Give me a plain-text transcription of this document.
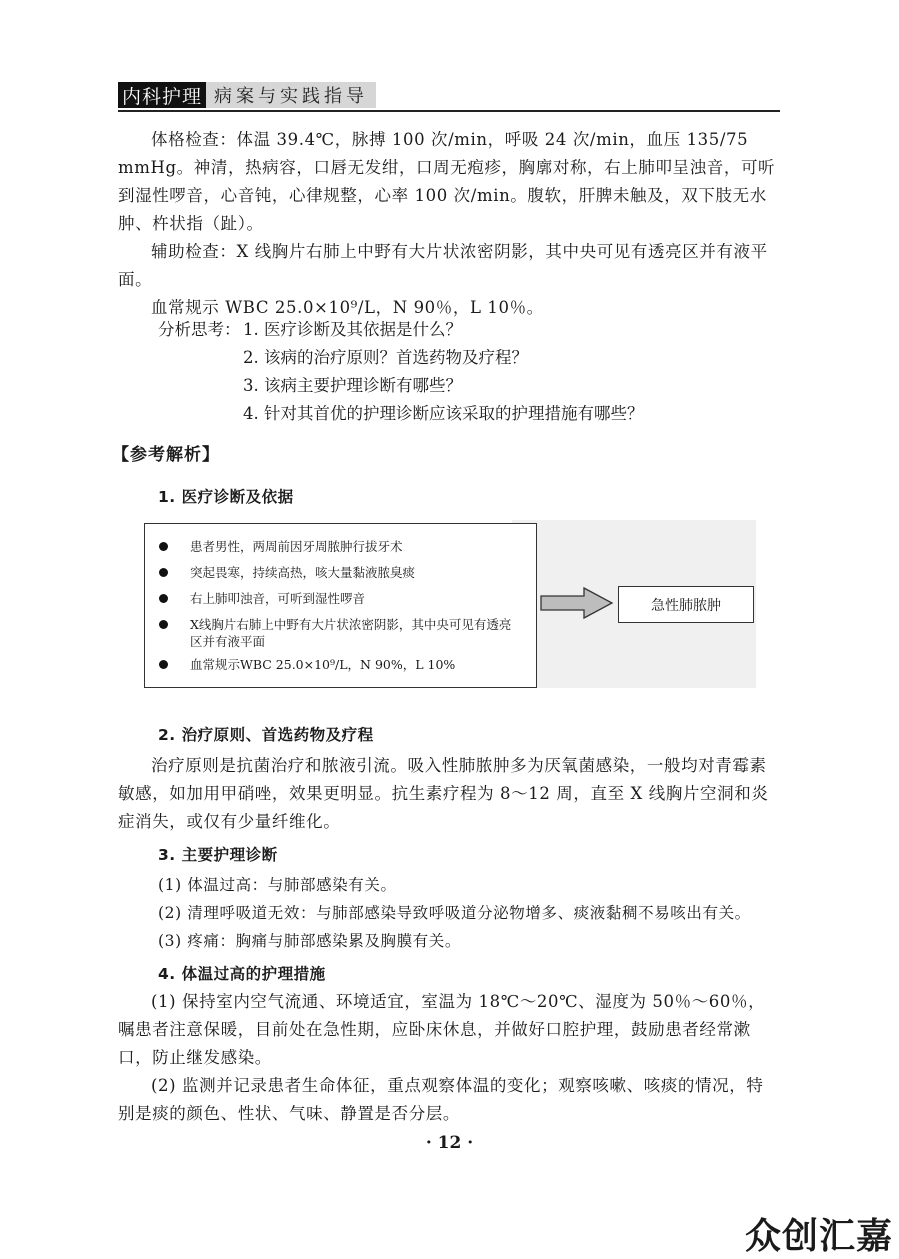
内科护理 病案与实践指导
体格检查：体温 39.4℃，脉搏 100 次/min，呼吸 24 次/min，血压 135/75 mmHg。神清，热病容，口唇无发绀，口周无疱疹，胸廓对称，右上肺叩呈浊音，可听到湿性啰音，心音钝，心律规整，心率 100 次/min。腹软，肝脾未触及，双下肢无水肿、杵状指（趾）。
辅助检查：X 线胸片右肺上中野有大片状浓密阴影，其中央可见有透亮区并有液平面。
血常规示 WBC 25.0×10⁹/L，N 90％，L 10％。
分析思考： 1. 医疗诊断及其依据是什么？
2. 该病的治疗原则？首选药物及疗程？
3. 该病主要护理诊断有哪些？
4. 针对其首优的护理诊断应该采取的护理措施有哪些？
【参考解析】
1. 医疗诊断及依据
患者男性，两周前因牙周脓肿行拔牙术
突起畏寒，持续高热，咳大量黏液脓臭痰
右上肺叩浊音，可听到湿性啰音
X线胸片右肺上中野有大片状浓密阴影，其中央可见有透亮区并有液平面
血常规示WBC 25.0×10⁹/L，N 90%，L 10%
急性肺脓肿
2. 治疗原则、首选药物及疗程
治疗原则是抗菌治疗和脓液引流。吸入性肺脓肿多为厌氧菌感染，一般均对青霉素敏感，如加用甲硝唑，效果更明显。抗生素疗程为 8～12 周，直至 X 线胸片空洞和炎症消失，或仅有少量纤维化。
3. 主要护理诊断
(1) 体温过高：与肺部感染有关。
(2) 清理呼吸道无效：与肺部感染导致呼吸道分泌物增多、痰液黏稠不易咳出有关。
(3) 疼痛：胸痛与肺部感染累及胸膜有关。
4. 体温过高的护理措施
(1) 保持室内空气流通、环境适宜，室温为 18℃～20℃、湿度为 50％～60％，嘱患者注意保暖，目前处在急性期，应卧床休息，并做好口腔护理，鼓励患者经常漱口，防止继发感染。
(2) 监测并记录患者生命体征，重点观察体温的变化；观察咳嗽、咳痰的情况，特别是痰的颜色、性状、气味、静置是否分层。
· 12 ·
众创汇嘉
